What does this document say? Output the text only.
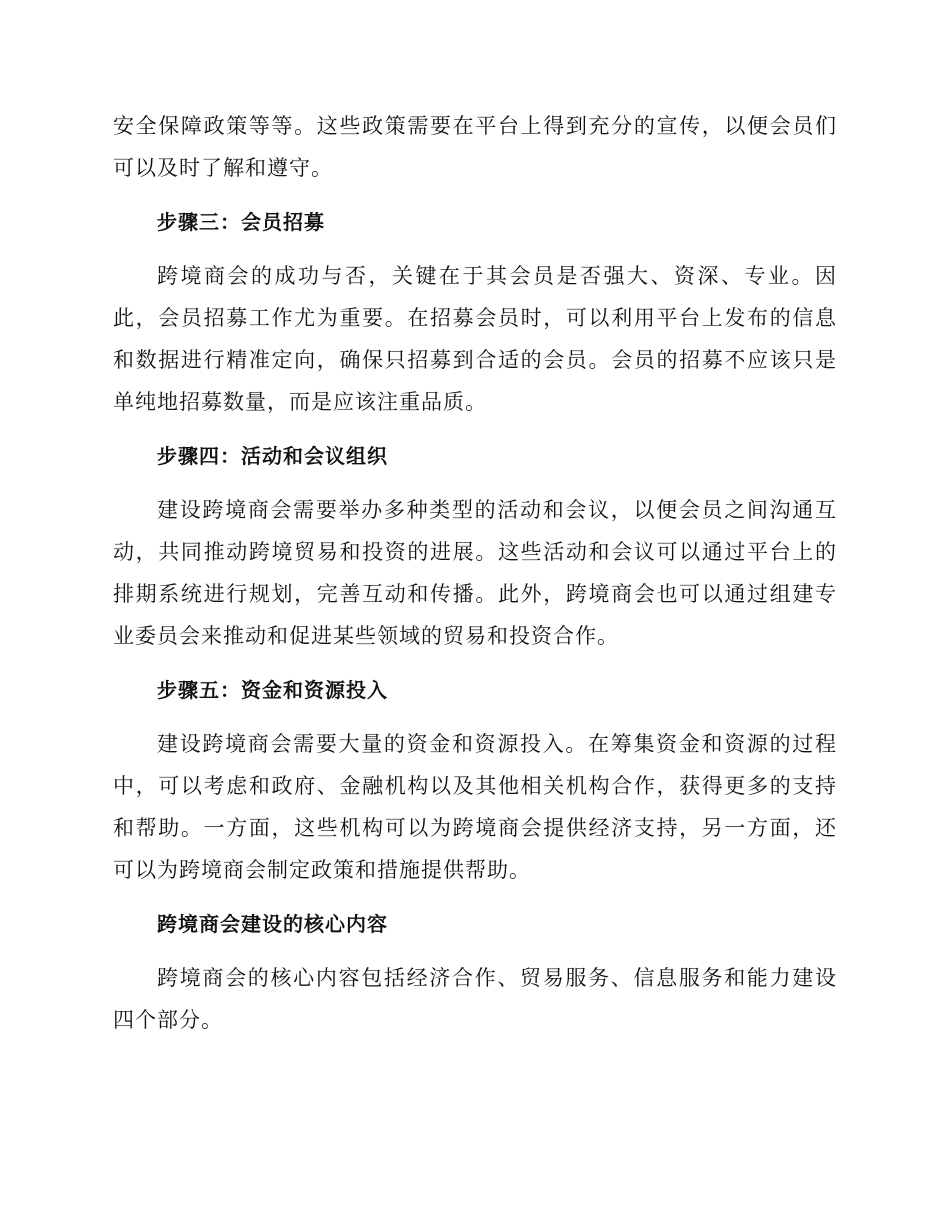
安全保障政策等等。这些政策需要在平台上得到充分的宣传，以便会员们可以及时了解和遵守。

步骤三：会员招募

跨境商会的成功与否，关键在于其会员是否强大、资深、专业。因此，会员招募工作尤为重要。在招募会员时，可以利用平台上发布的信息和数据进行精准定向，确保只招募到合适的会员。会员的招募不应该只是单纯地招募数量，而是应该注重品质。

步骤四：活动和会议组织

建设跨境商会需要举办多种类型的活动和会议，以便会员之间沟通互动，共同推动跨境贸易和投资的进展。这些活动和会议可以通过平台上的排期系统进行规划，完善互动和传播。此外，跨境商会也可以通过组建专业委员会来推动和促进某些领域的贸易和投资合作。

步骤五：资金和资源投入

建设跨境商会需要大量的资金和资源投入。在筹集资金和资源的过程中，可以考虑和政府、金融机构以及其他相关机构合作，获得更多的支持和帮助。一方面，这些机构可以为跨境商会提供经济支持，另一方面，还可以为跨境商会制定政策和措施提供帮助。

跨境商会建设的核心内容

跨境商会的核心内容包括经济合作、贸易服务、信息服务和能力建设四个部分。
